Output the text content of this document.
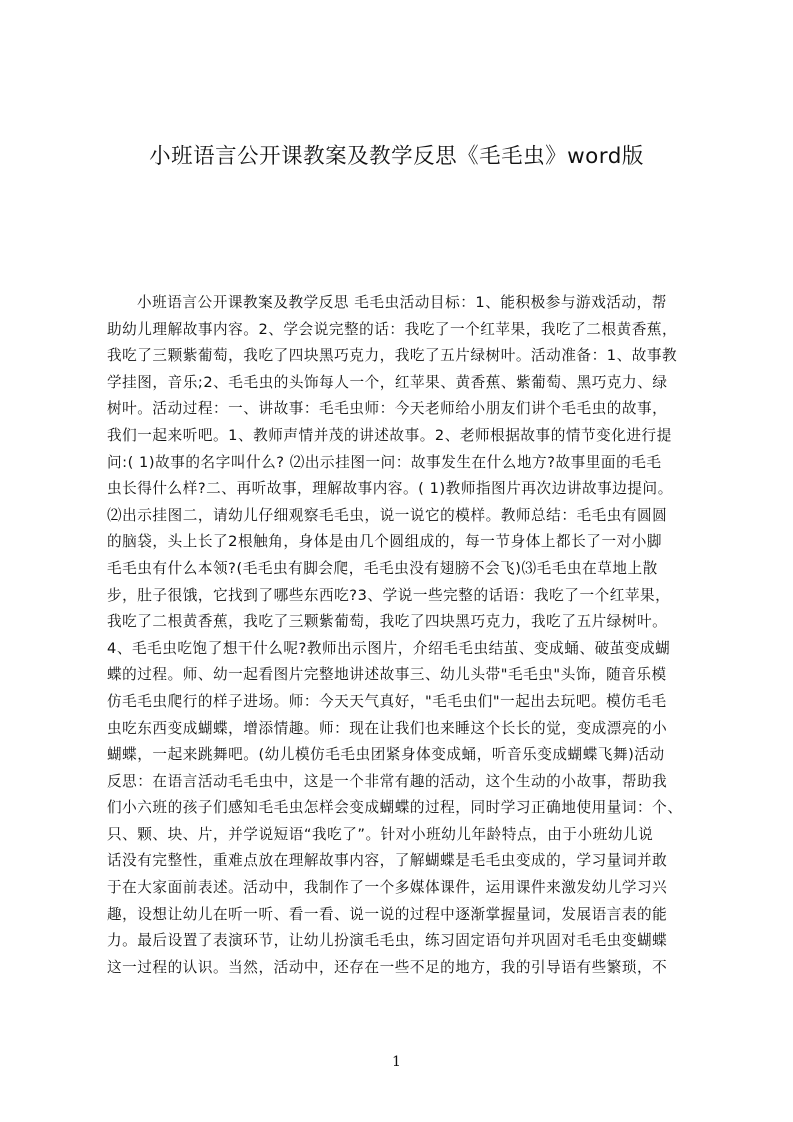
小班语言公开课教案及教学反思《毛毛虫》word版
小班语言公开课教案及教学反思 毛毛虫活动目标：1、能积极参与游戏活动，帮
助幼儿理解故事内容。2、学会说完整的话：我吃了一个红苹果，我吃了二根黄香蕉，
我吃了三颗紫葡萄，我吃了四块黑巧克力，我吃了五片绿树叶。活动准备：1、故事教
学挂图，音乐;2、毛毛虫的头饰每人一个，红苹果、黄香蕉、紫葡萄、黑巧克力、绿
树叶。活动过程：一、讲故事：毛毛虫师：今天老师给小朋友们讲个毛毛虫的故事，
我们一起来听吧。1、教师声情并茂的讲述故事。2、老师根据故事的情节变化进行提
问:( 1)故事的名字叫什么? ⑵出示挂图一问：故事发生在什么地方?故事里面的毛毛
虫长得什么样?二、再听故事，理解故事内容。( 1)教师指图片再次边讲故事边提问。
⑵出示挂图二，请幼儿仔细观察毛毛虫，说一说它的模样。教师总结：毛毛虫有圆圆
的脑袋，头上长了2根触角，身体是由几个圆组成的，每一节身体上都长了一对小脚
毛毛虫有什么本领?(毛毛虫有脚会爬，毛毛虫没有翅膀不会飞)⑶毛毛虫在草地上散
步，肚子很饿，它找到了哪些东西吃?3、学说一些完整的话语：我吃了一个红苹果，
我吃了二根黄香蕉，我吃了三颗紫葡萄，我吃了四块黑巧克力，我吃了五片绿树叶。
4、毛毛虫吃饱了想干什么呢?教师出示图片，介绍毛毛虫结茧、变成蛹、破茧变成蝴
蝶的过程。师、幼一起看图片完整地讲述故事三、幼儿头带"毛毛虫"头饰，随音乐模
仿毛毛虫爬行的样子进场。师：今天天气真好，"毛毛虫们"一起出去玩吧。模仿毛毛
虫吃东西变成蝴蝶，增添情趣。师：现在让我们也来睡这个长长的觉，变成漂亮的小
蝴蝶，一起来跳舞吧。(幼儿模仿毛毛虫团紧身体变成蛹，听音乐变成蝴蝶飞舞)活动
反思：在语言活动毛毛虫中，这是一个非常有趣的活动，这个生动的小故事，帮助我
们小六班的孩子们感知毛毛虫怎样会变成蝴蝶的过程，同时学习正确地使用量词：个、
只、颗、块、片，并学说短语“我吃了”。针对小班幼儿年龄特点，由于小班幼儿说
话没有完整性，重难点放在理解故事内容，了解蝴蝶是毛毛虫变成的，学习量词并敢
于在大家面前表述。活动中，我制作了一个多媒体课件，运用课件来激发幼儿学习兴
趣，设想让幼儿在听一听、看一看、说一说的过程中逐渐掌握量词，发展语言表的能
力。最后设置了表演环节，让幼儿扮演毛毛虫，练习固定语句并巩固对毛毛虫变蝴蝶
这一过程的认识。当然，活动中，还存在一些不足的地方，我的引导语有些繁琐，不
1
